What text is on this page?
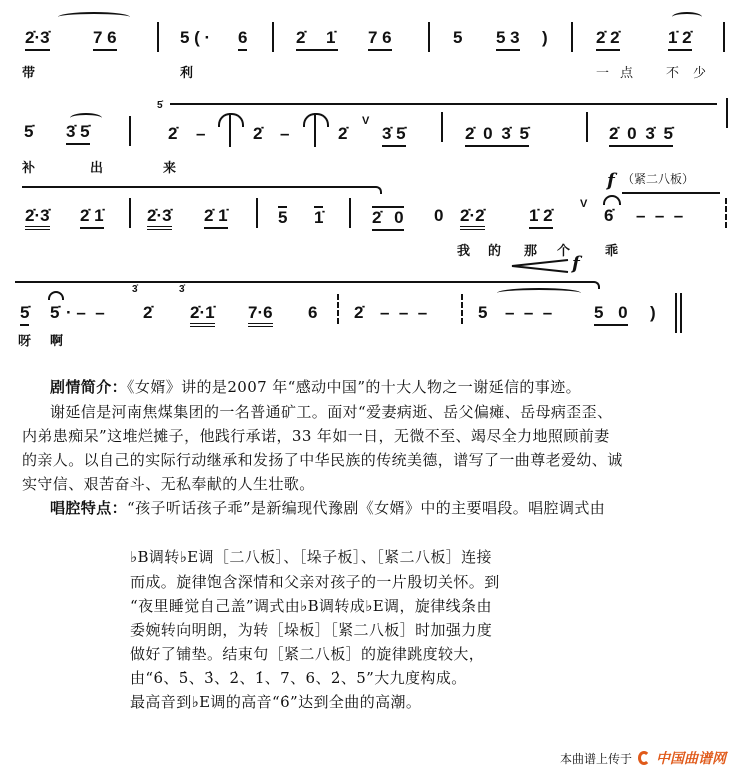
2̇·3̇	7 6	5 ( · 6	2̇	1̇ 7 6	5 5 3 )	2̇ 2̇	1̇ 2̇
带	利	一 点	不 少
5̇ 3̇ 5̇
5̇
2̇ –	2̇ –	2̇
V
3̇ 5̇	2̇ 0 3̇ 5̇	2̇ 0 3̇ 5̇
补	出	来
2̇·3̇ 2̇ 1̇	2̇·3̇ 2̇ 1̇	5 1̇	2̇ 0 0 2̇·2̇	1̇ 2̇
V
f （紧二八板）
6̇ –  –  –
我 的 那 个	乖
f
5̇ 5̇ · –  –
3̇
2̇
3̇
2̇·1̇ 7·6 6 2̇ –  –  –	5 –  –  – 5 0 )
呀 啊
剧情简介：《女婿》讲的是2007 年“感动中国”的十大人物之一谢延信的事迹。
谢延信是河南焦煤集团的一名普通矿工。面对“爱妻病逝、岳父偏瘫、岳母病歪歪、
内弟患痴呆”这堆烂摊子，他践行承诺，33 年如一日，无微不至、竭尽全力地照顾前妻
的亲人。以自己的实际行动继承和发扬了中华民族的传统美德，谱写了一曲尊老爱幼、诚
实守信、艰苦奋斗、无私奉献的人生壮歌。
唱腔特点：“孩子听话孩子乖”是新编现代豫剧《女婿》中的主要唱段。唱腔调式由
♭B调转♭E调［二八板］、［垛子板］、［紧二八板］连接
而成。旋律饱含深情和父亲对孩子的一片殷切关怀。到
“夜里睡觉自己盖”调式由♭B调转成♭E调，旋律线条由
委婉转向明朗，为转［垛板］［紧二八板］时加强力度
做好了铺垫。结束句［紧二八板］的旋律跳度较大，
由“6̇、5̇、3̇、2̇、1̇、7、6、2̇、5”大九度构成。
最高音到♭E调的高音“6̇”达到全曲的高潮。
本曲谱上传于 中国曲谱网
